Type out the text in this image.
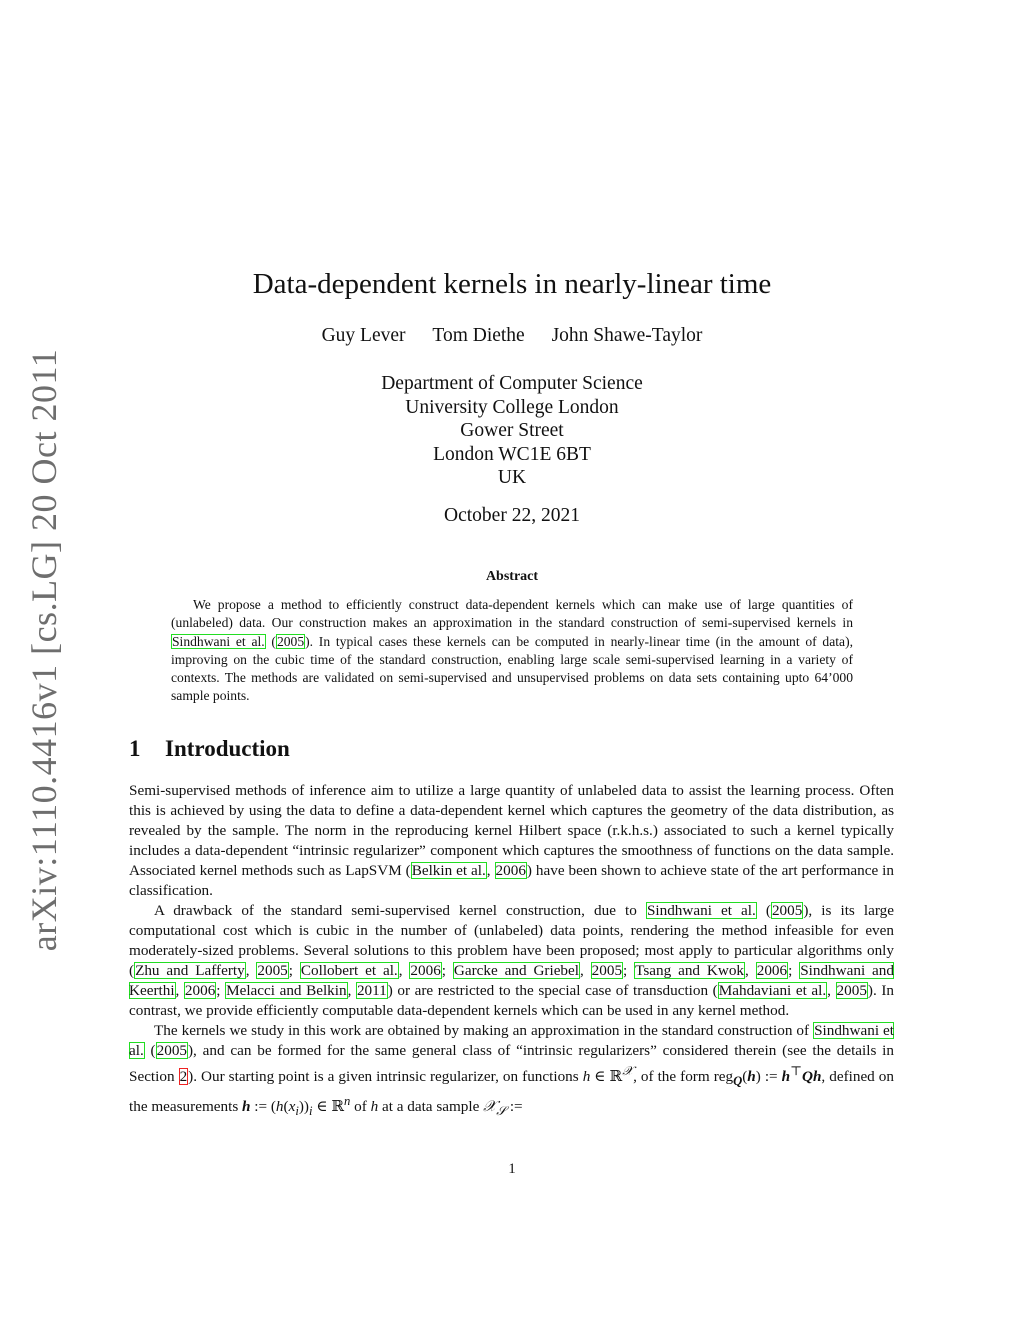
arXiv:1110.4416v1 [cs.LG] 20 Oct 2011
Data-dependent kernels in nearly-linear time
Guy Lever Tom Diethe John Shawe-Taylor
Department of Computer Science
University College London
Gower Street
London WC1E 6BT
UK
October 22, 2021
Abstract

We propose a method to efficiently construct data-dependent kernels which can make use of large quantities of (unlabeled) data. Our construction makes an approximation in the standard construction of semi-supervised kernels in Sindhwani et al. (2005). In typical cases these kernels can be computed in nearly-linear time (in the amount of data), improving on the cubic time of the standard construction, enabling large scale semi-supervised learning in a variety of contexts. The methods are validated on semi-supervised and unsupervised problems on data sets containing upto 64’000 sample points.

1 Introduction

Semi-supervised methods of inference aim to utilize a large quantity of unlabeled data to assist the learning process. Often this is achieved by using the data to define a data-dependent kernel which captures the geometry of the data distribution, as revealed by the sample. The norm in the reproducing kernel Hilbert space (r.k.h.s.) associated to such a kernel typically includes a data-dependent “intrinsic regularizer” component which captures the smoothness of functions on the data sample. Associated kernel methods such as LapSVM (Belkin et al., 2006) have been shown to achieve state of the art performance in classification.

A drawback of the standard semi-supervised kernel construction, due to Sindhwani et al. (2005), is its large computational cost which is cubic in the number of (unlabeled) data points, rendering the method infeasible for even moderately-sized problems. Several solutions to this problem have been proposed; most apply to particular algorithms only (Zhu and Lafferty, 2005; Collobert et al., 2006; Garcke and Griebel, 2005; Tsang and Kwok, 2006; Sindhwani and Keerthi, 2006; Melacci and Belkin, 2011) or are restricted to the special case of transduction (Mahdaviani et al., 2005). In contrast, we provide efficiently computable data-dependent kernels which can be used in any kernel method.

The kernels we study in this work are obtained by making an approximation in the standard construction of Sindhwani et al. (2005), and can be formed for the same general class of “intrinsic regularizers” considered therein (see the details in Section 2). Our starting point is a given intrinsic regularizer, on functions h ∈ ℝ$^𝒳$, of the form reg$_Q$(h) := h⊤Qh, defined on the measurements h := $(h(x_i))_i$ ∈ ℝ$^n$ of h at a data sample 𝒳$_𝒮$ :=

1
